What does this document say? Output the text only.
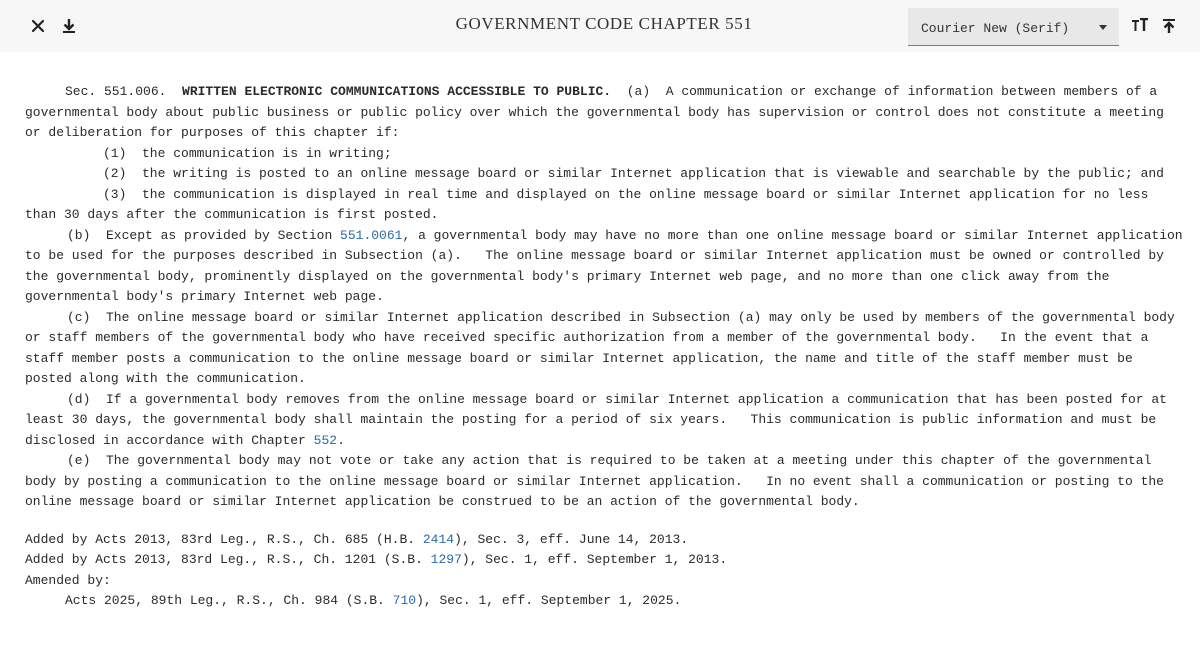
GOVERNMENT CODE CHAPTER 551	Courier New (Serif)

Sec. 551.006. WRITTEN ELECTRONIC COMMUNICATIONS ACCESSIBLE TO PUBLIC. (a)  A communication or exchange of information between members of a governmental body about public business or public policy over which the governmental body has supervision or control does not constitute a meeting or deliberation for purposes of this chapter if:

(1)  the communication is in writing;

(2)  the writing is posted to an online message board or similar Internet application that is viewable and searchable by the public; and

(3)  the communication is displayed in real time and displayed on the online message board or similar Internet application for no less than 30 days after the communication is first posted.

(b)  Except as provided by Section 551.0061, a governmental body may have no more than one online message board or similar Internet application to be used for the purposes described in Subsection (a).   The online message board or similar Internet application must be owned or controlled by the governmental body, prominently displayed on the governmental body's primary Internet web page, and no more than one click away from the governmental body's primary Internet web page.

(c)  The online message board or similar Internet application described in Subsection (a) may only be used by members of the governmental body or staff members of the governmental body who have received specific authorization from a member of the governmental body.   In the event that a staff member posts a communication to the online message board or similar Internet application, the name and title of the staff member must be posted along with the communication.

(d)  If a governmental body removes from the online message board or similar Internet application a communication that has been posted for at least 30 days, the governmental body shall maintain the posting for a period of six years.   This communication is public information and must be disclosed in accordance with Chapter 552.

(e)  The governmental body may not vote or take any action that is required to be taken at a meeting under this chapter of the governmental body by posting a communication to the online message board or similar Internet application.   In no event shall a communication or posting to the online message board or similar Internet application be construed to be an action of the governmental body.

Added by Acts 2013, 83rd Leg., R.S., Ch. 685 (H.B. 2414), Sec. 3, eff. June 14, 2013.

Added by Acts 2013, 83rd Leg., R.S., Ch. 1201 (S.B. 1297), Sec. 1, eff. September 1, 2013.

Amended by:

Acts 2025, 89th Leg., R.S., Ch. 984 (S.B. 710), Sec. 1, eff. September 1, 2025.
